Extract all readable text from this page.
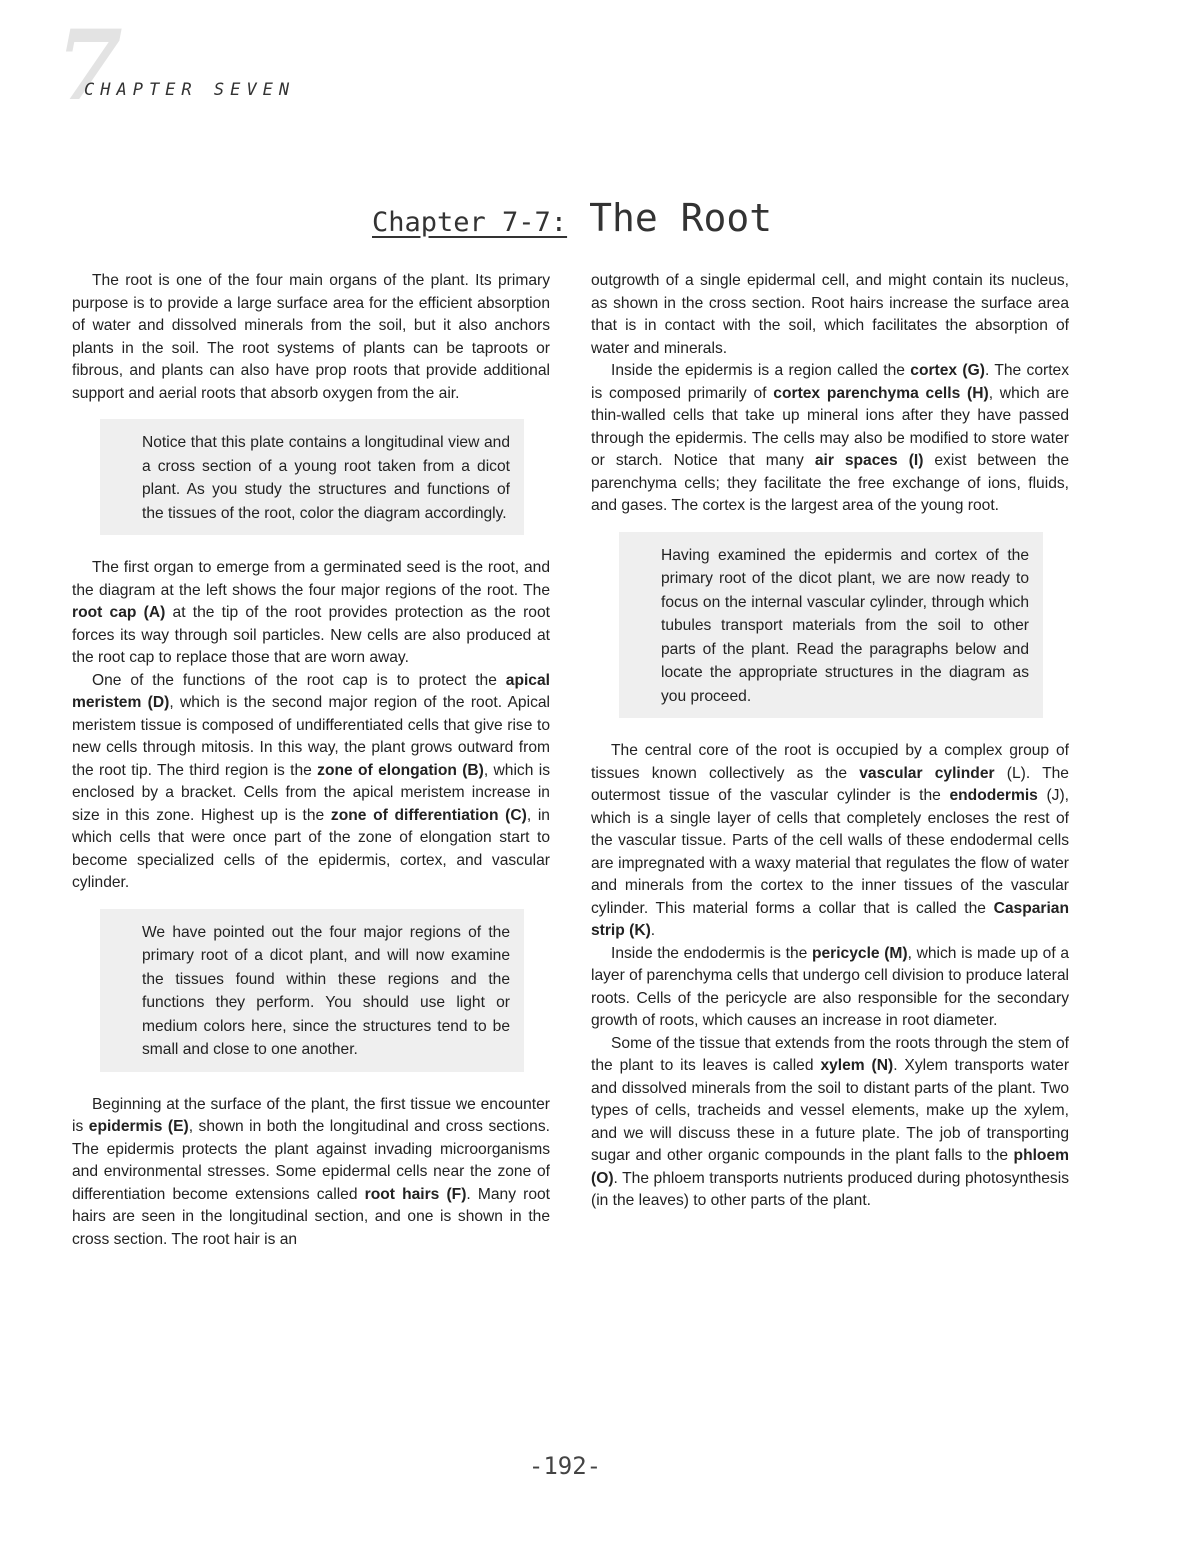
7
CHAPTER SEVEN
Chapter 7-7: The Root

The root is one of the four main organs of the plant. Its primary purpose is to provide a large surface area for the efficient absorption of water and dissolved minerals from the soil, but it also anchors plants in the soil. The root systems of plants can be taproots or fibrous, and plants can also have prop roots that provide additional support and aerial roots that absorb oxygen from the air.

Notice that this plate contains a longitudinal view and a cross section of a young root taken from a dicot plant. As you study the structures and functions of the tissues of the root, color the diagram accordingly.

The first organ to emerge from a germinated seed is the root, and the diagram at the left shows the four major regions of the root. The root cap (A) at the tip of the root provides protection as the root forces its way through soil particles. New cells are also produced at the root cap to replace those that are worn away.

One of the functions of the root cap is to protect the apical meristem (D), which is the second major region of the root. Apical meristem tissue is composed of undifferentiated cells that give rise to new cells through mitosis. In this way, the plant grows outward from the root tip. The third region is the zone of elongation (B), which is enclosed by a bracket. Cells from the apical meristem increase in size in this zone. Highest up is the zone of differentiation (C), in which cells that were once part of the zone of elongation start to become specialized cells of the epidermis, cortex, and vascular cylinder.

We have pointed out the four major regions of the primary root of a dicot plant, and will now examine the tissues found within these regions and the functions they perform. You should use light or medium colors here, since the structures tend to be small and close to one another.

Beginning at the surface of the plant, the first tissue we encounter is epidermis (E), shown in both the longitudinal and cross sections. The epidermis protects the plant against invading microorganisms and environmental stresses. Some epidermal cells near the zone of differentiation become extensions called root hairs (F). Many root hairs are seen in the longitudinal section, and one is shown in the cross section. The root hair is an

outgrowth of a single epidermal cell, and might contain its nucleus, as shown in the cross section. Root hairs increase the surface area that is in contact with the soil, which facilitates the absorption of water and minerals.

Inside the epidermis is a region called the cortex (G). The cortex is composed primarily of cortex parenchyma cells (H), which are thin-walled cells that take up mineral ions after they have passed through the epidermis. The cells may also be modified to store water or starch. Notice that many air spaces (I) exist between the parenchyma cells; they facilitate the free exchange of ions, fluids, and gases. The cortex is the largest area of the young root.

Having examined the epidermis and cortex of the primary root of the dicot plant, we are now ready to focus on the internal vascular cylinder, through which tubules transport materials from the soil to other parts of the plant. Read the paragraphs below and locate the appropriate structures in the diagram as you proceed.

The central core of the root is occupied by a complex group of tissues known collectively as the vascular cylinder (L). The outermost tissue of the vascular cylinder is the endodermis (J), which is a single layer of cells that completely encloses the rest of the vascular tissue. Parts of the cell walls of these endodermal cells are impregnated with a waxy material that regulates the flow of water and minerals from the cortex to the inner tissues of the vascular cylinder. This material forms a collar that is called the Casparian strip (K).

Inside the endodermis is the pericycle (M), which is made up of a layer of parenchyma cells that undergo cell division to produce lateral roots. Cells of the pericycle are also responsible for the secondary growth of roots, which causes an increase in root diameter.

Some of the tissue that extends from the roots through the stem of the plant to its leaves is called xylem (N). Xylem transports water and dissolved minerals from the soil to distant parts of the plant. Two types of cells, tracheids and vessel elements, make up the xylem, and we will discuss these in a future plate. The job of transporting sugar and other organic compounds in the plant falls to the phloem (O). The phloem transports nutrients produced during photosynthesis (in the leaves) to other parts of the plant.

-192-
